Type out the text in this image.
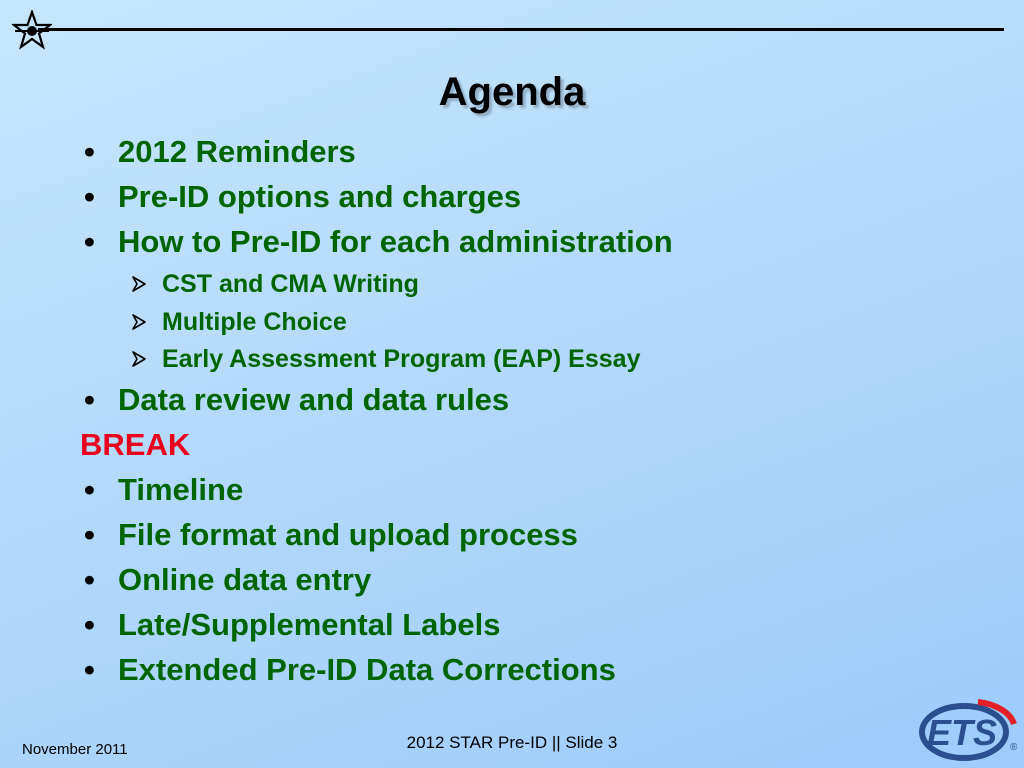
Agenda
• 2012 Reminders
• Pre-ID options and charges
• How to Pre-ID for each administration
CST and CMA Writing
Multiple Choice
Early Assessment Program (EAP) Essay
• Data review and data rules
BREAK
• Timeline
• File format and upload process
• Online data entry
• Late/Supplemental Labels
• Extended Pre-ID Data Corrections
November 2011	2012 STAR Pre-ID || Slide 3	ETS ®
